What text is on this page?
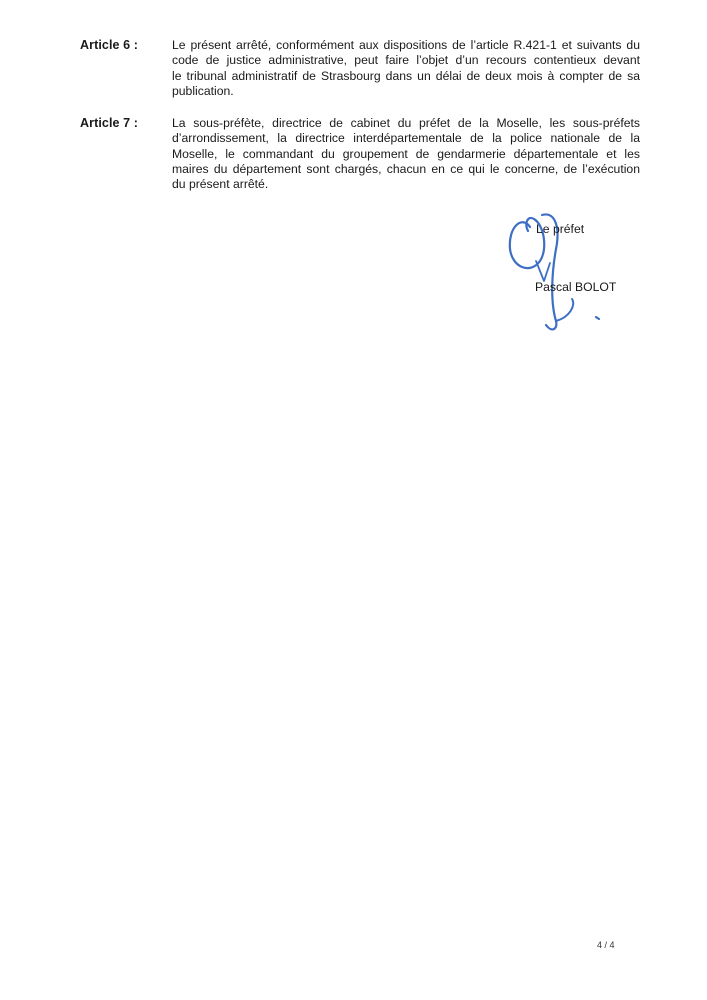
Article 6 :	Le présent arrêté, conformément aux dispositions de l’article R.421-1 et suivants du
code de justice administrative, peut faire l’objet d’un recours contentieux devant
le tribunal administratif de Strasbourg dans un délai de deux mois à compter de sa
publication.

Article 7 :	La sous-préfète, directrice de cabinet du préfet de la Moselle, les sous-préfets
d’arrondissement, la directrice interdépartementale de la police nationale de la
Moselle, le commandant du groupement de gendarmerie départementale et les
maires du département sont chargés, chacun en ce qui le concerne, de l’exécution
du présent arrêté.

Le préfet
Pascal BOLOT
4 / 4
